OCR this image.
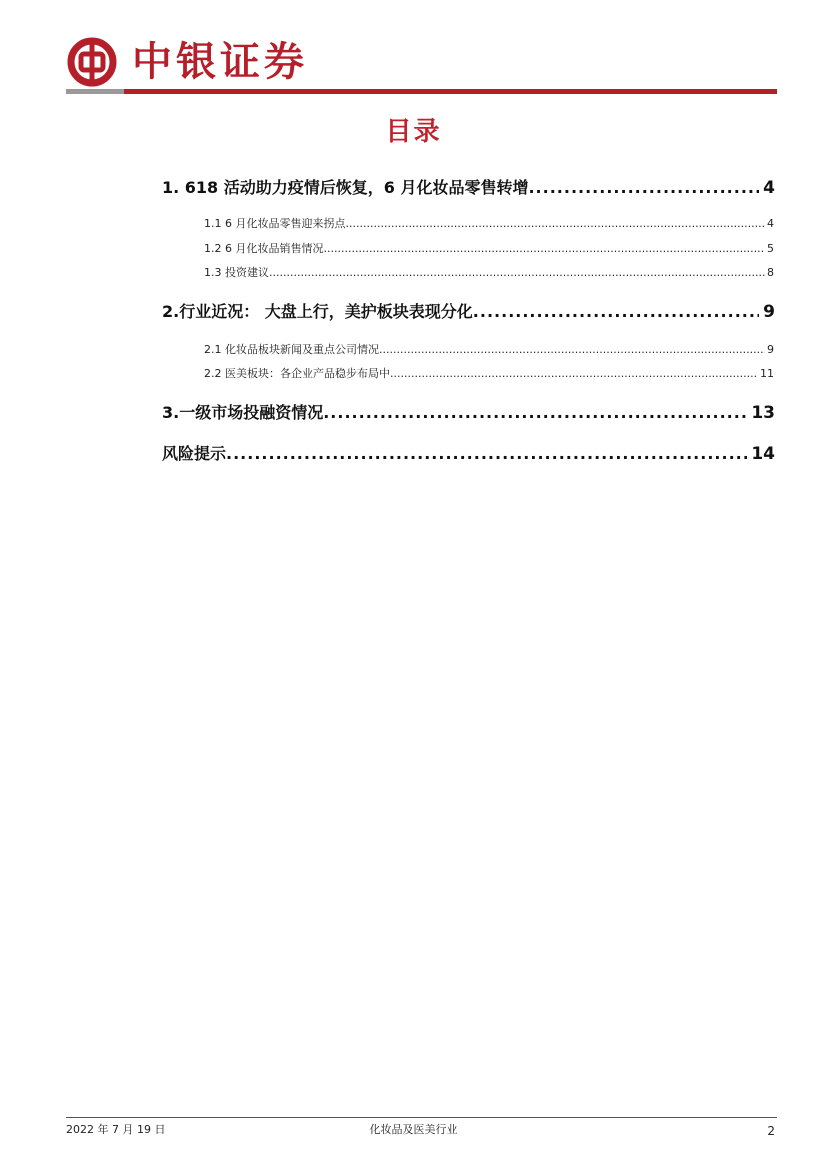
中银证券
目录
1. 618 活动助力疫情后恢复，6 月化妆品零售转增 .....	4
1.1 6 月化妆品零售迎来拐点 .....	4
1.2 6 月化妆品销售情况 .....	5
1.3 投资建议 .....	8
2.行业近况： 大盘上行，美护板块表现分化 .....	9
2.1 化妆品板块新闻及重点公司情况 .....	9
2.2 医美板块：各企业产品稳步布局中 .....	11
3.一级市场投融资情况 .....	13
风险提示 .....	14
2022 年 7 月 19 日	化妆品及医美行业	2
